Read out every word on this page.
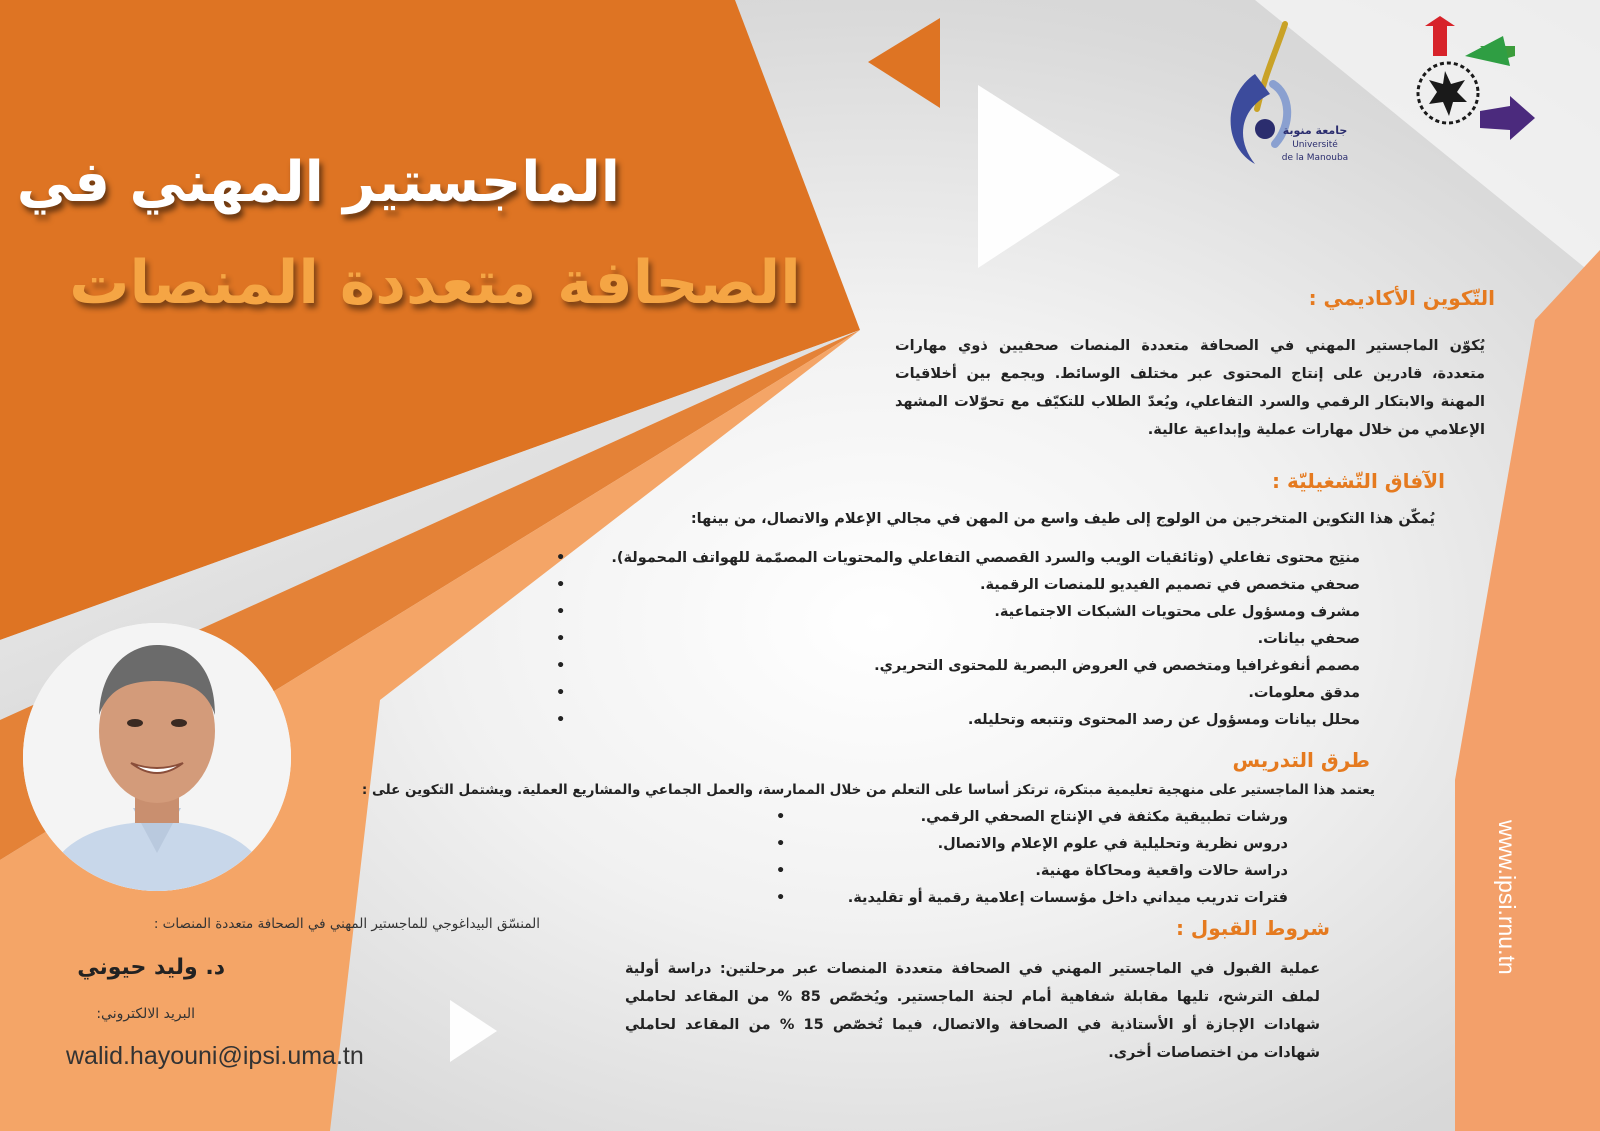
الماجستير المهني في
الصحافة متعددة المنصات
جامعة منوبة
Université
de la Manouba
التّكوين الأكاديمي :
يُكوّن الماجستير المهني في الصحافة متعددة المنصات صحفيين ذوي مهارات متعددة، قادرين على إنتاج المحتوى عبر مختلف الوسائط. ويجمع بين أخلاقيات المهنة والابتكار الرقمي والسرد التفاعلي، ويُعدّ الطلاب للتكيّف مع تحوّلات المشهد الإعلامي من خلال مهارات عملية وإبداعية عالية.
الآفاق التّشغيليّة :
يُمكّن هذا التكوين المتخرجين من الولوج إلى طيف واسع من المهن في مجالي الإعلام والاتصال، من بينها:
منتِج محتوى تفاعلي (وثائقيات الويب والسرد القصصي التفاعلي والمحتويات المصمّمة للهواتف المحمولة). •
صحفي متخصص في تصميم الفيديو للمنصات الرقمية. •
مشرف ومسؤول على محتويات الشبكات الاجتماعية. •
صحفي بيانات. •
مصمم أنفوغرافيا ومتخصص في العروض البصرية للمحتوى التحريري. •
مدقق معلومات. •
محلل بيانات ومسؤول عن رصد المحتوى وتتبعه وتحليله. •
طرق التدريس
يعتمد هذا الماجستير على منهجية تعليمية مبتكرة، ترتكز أساسا على التعلم من خلال الممارسة، والعمل الجماعي والمشاريع العملية. ويشتمل التكوين على :
ورشات تطبيقية مكثفة في الإنتاج الصحفي الرقمي. •
دروس نظرية وتحليلية في علوم الإعلام والاتصال. •
دراسة حالات واقعية ومحاكاة مهنية. •
فترات تدريب ميداني داخل مؤسسات إعلامية رقمية أو تقليدية. •
شروط القبول :
عملية القبول في الماجستير المهني في الصحافة متعددة المنصات عبر مرحلتين: دراسة أولية لملف الترشح، تليها مقابلة شفاهية أمام لجنة الماجستير. ويُخصّص 85 % من المقاعد لحاملي شهادات الإجازة أو الأستاذية في الصحافة والاتصال، فيما تُخصّص 15 % من المقاعد لحاملي شهادات من اختصاصات أخرى.
المنسّق البيداغوجي للماجستير المهني في الصحافة متعددة المنصات :
د. وليد حيوني
البريد الالكتروني:
walid.hayouni@ipsi.uma.tn
www.ipsi.rnu.tn
